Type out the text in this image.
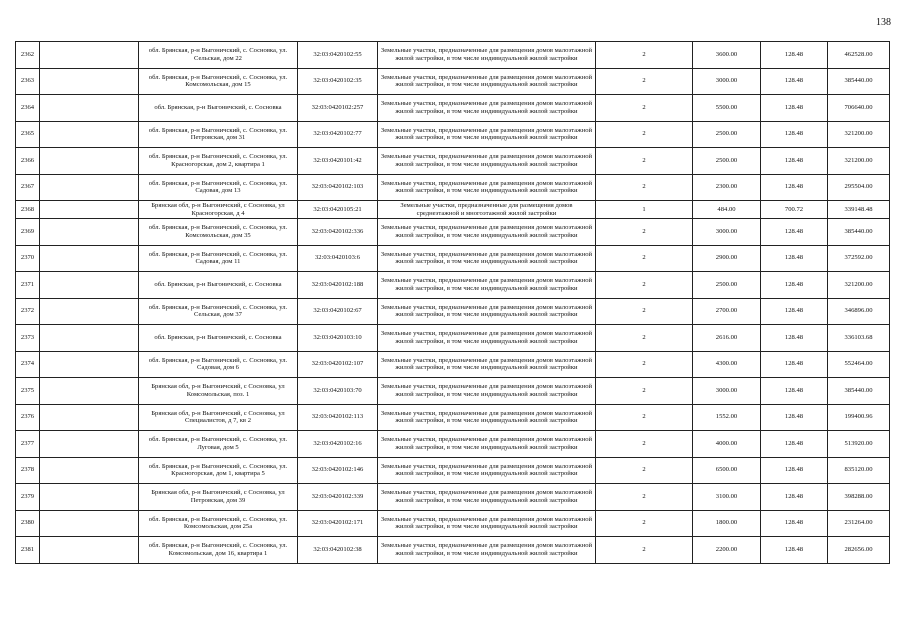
138
2362		обл. Брянская, р-н Выгоничский, с. Сосновка, ул. Сельская, дом 22	32:03:0420102:55	Земельные участки, предназначенные для размещения домов малоэтажной жилой застройки, в том числе индивидуальной жилой застройки	2	3600.00	128.48	462528.00
2363		обл. Брянская, р-н Выгоничский, с. Сосновка, ул. Комсомольская, дом 15	32:03:0420102:35	Земельные участки, предназначенные для размещения домов малоэтажной жилой застройки, в том числе индивидуальной жилой застройки	2	3000.00	128.48	385440.00
2364		обл. Брянская, р-н Выгоничский, с. Сосновка	32:03:0420102:257	Земельные участки, предназначенные для размещения домов малоэтажной жилой застройки, в том числе индивидуальной жилой застройки	2	5500.00	128.48	706640.00
2365		обл. Брянская, р-н Выгоничский, с. Сосновка, ул. Петровская, дом 31	32:03:0420102:77	Земельные участки, предназначенные для размещения домов малоэтажной жилой застройки, в том числе индивидуальной жилой застройки	2	2500.00	128.48	321200.00
2366		обл. Брянская, р-н Выгоничский, с. Сосновка, ул. Красногорская, дом 2, квартира 1	32:03:0420101:42	Земельные участки, предназначенные для размещения домов малоэтажной жилой застройки, в том числе индивидуальной жилой застройки	2	2500.00	128.48	321200.00
2367		обл. Брянская, р-н Выгоничский, с. Сосновка, ул. Садовая, дом 13	32:03:0420102:103	Земельные участки, предназначенные для размещения домов малоэтажной жилой застройки, в том числе индивидуальной жилой застройки	2	2300.00	128.48	295504.00
2368		Брянская обл, р-н Выгоничский, с Сосновка, ул Красногорская, д 4	32:03:0420105:21	Земельные участки, предназначенные для размещения домов среднеэтажной и многоэтажной жилой застройки	1	484.00	700.72	339148.48
2369		обл. Брянская, р-н Выгоничский, с. Сосновка, ул. Комсомольская, дом 35	32:03:0420102:336	Земельные участки, предназначенные для размещения домов малоэтажной жилой застройки, в том числе индивидуальной жилой застройки	2	3000.00	128.48	385440.00
2370		обл. Брянская, р-н Выгоничский, с. Сосновка, ул. Садовая, дом 11	32:03:0420103:6	Земельные участки, предназначенные для размещения домов малоэтажной жилой застройки, в том числе индивидуальной жилой застройки	2	2900.00	128.48	372592.00
2371		обл. Брянская, р-н Выгоничский, с. Сосновка	32:03:0420102:188	Земельные участки, предназначенные для размещения домов малоэтажной жилой застройки, в том числе индивидуальной жилой застройки	2	2500.00	128.48	321200.00
2372		обл. Брянская, р-н Выгоничский, с. Сосновка, ул. Сельская, дом 37	32:03:0420102:67	Земельные участки, предназначенные для размещения домов малоэтажной жилой застройки, в том числе индивидуальной жилой застройки	2	2700.00	128.48	346896.00
2373		обл. Брянская, р-н Выгоничский, с. Сосновка	32:03:0420103:10	Земельные участки, предназначенные для размещения домов малоэтажной жилой застройки, в том числе индивидуальной жилой застройки	2	2616.00	128.48	336103.68
2374		обл. Брянская, р-н Выгоничский, с. Сосновка, ул. Садовая, дом 6	32:03:0420102:107	Земельные участки, предназначенные для размещения домов малоэтажной жилой застройки, в том числе индивидуальной жилой застройки	2	4300.00	128.48	552464.00
2375		Брянская обл, р-н Выгоничский, с Сосновка, ул Комсомольская, поз. 1	32:03:0420103:70	Земельные участки, предназначенные для размещения домов малоэтажной жилой застройки, в том числе индивидуальной жилой застройки	2	3000.00	128.48	385440.00
2376		Брянская обл, р-н Выгоничский, с Сосновка, ул Специалистов, д 7, кв 2	32:03:0420102:113	Земельные участки, предназначенные для размещения домов малоэтажной жилой застройки, в том числе индивидуальной жилой застройки	2	1552.00	128.48	199400.96
2377		обл. Брянская, р-н Выгоничский, с. Сосновка, ул. Луговая, дом 5	32:03:0420102:16	Земельные участки, предназначенные для размещения домов малоэтажной жилой застройки, в том числе индивидуальной жилой застройки	2	4000.00	128.48	513920.00
2378		обл. Брянская, р-н Выгоничский, с. Сосновка, ул. Красногорская, дом 1, квартира 5	32:03:0420102:146	Земельные участки, предназначенные для размещения домов малоэтажной жилой застройки, в том числе индивидуальной жилой застройки	2	6500.00	128.48	835120.00
2379		Брянская обл, р-н Выгоничский, с Сосновка, ул Петровская, дом 39	32:03:0420102:339	Земельные участки, предназначенные для размещения домов малоэтажной жилой застройки, в том числе индивидуальной жилой застройки	2	3100.00	128.48	398288.00
2380		обл. Брянская, р-н Выгоничский, с. Сосновка, ул. Комсомольская, дом 25а	32:03:0420102:171	Земельные участки, предназначенные для размещения домов малоэтажной жилой застройки, в том числе индивидуальной жилой застройки	2	1800.00	128.48	231264.00
2381		обл. Брянская, р-н Выгоничский, с. Сосновка, ул. Комсомольская, дом 16, квартира 1	32:03:0420102:38	Земельные участки, предназначенные для размещения домов малоэтажной жилой застройки, в том числе индивидуальной жилой застройки	2	2200.00	128.48	282656.00
